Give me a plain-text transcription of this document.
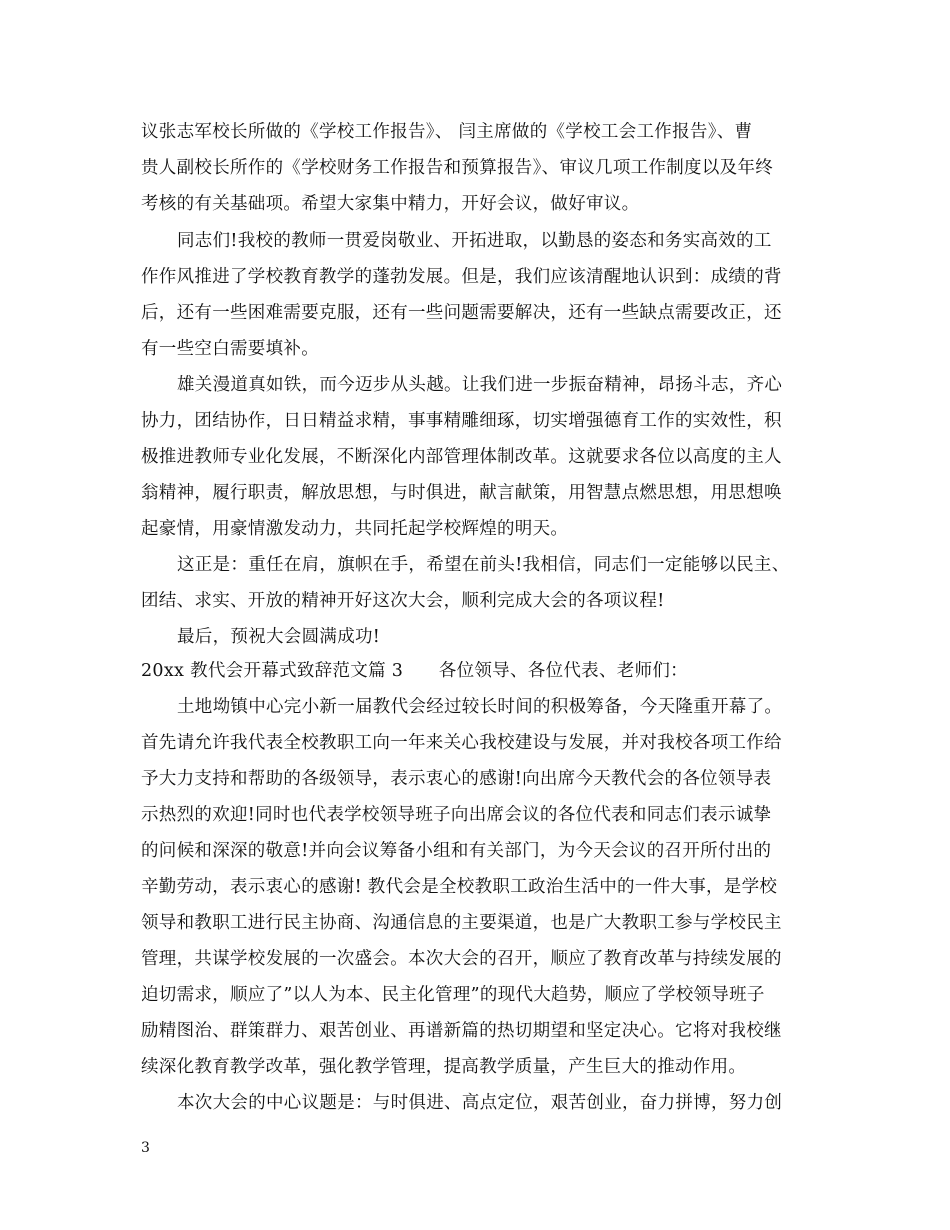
议张志军校长所做的《学校工作报告》、 闫主席做的《学校工会工作报告》、曹
贵人副校长所作的《学校财务工作报告和预算报告》、审议几项工作制度以及年终
考核的有关基础项。希望大家集中精力，开好会议，做好审议。
同志们!我校的教师一贯爱岗敬业、开拓进取，以勤恳的姿态和务实高效的工
作作风推进了学校教育教学的蓬勃发展。但是，我们应该清醒地认识到：成绩的背
后，还有一些困难需要克服，还有一些问题需要解决，还有一些缺点需要改正，还
有一些空白需要填补。
雄关漫道真如铁，而今迈步从头越。让我们进一步振奋精神，昂扬斗志，齐心
协力，团结协作，日日精益求精，事事精雕细琢，切实增强德育工作的实效性，积
极推进教师专业化发展，不断深化内部管理体制改革。这就要求各位以高度的主人
翁精神，履行职责，解放思想，与时俱进，献言献策，用智慧点燃思想，用思想唤
起豪情，用豪情激发动力，共同托起学校辉煌的明天。
这正是：重任在肩，旗帜在手，希望在前头!我相信，同志们一定能够以民主、
团结、求实、开放的精神开好这次大会，顺利完成大会的各项议程!
最后，预祝大会圆满成功!
20xx 教代会开幕式致辞范文篇 3　　各位领导、各位代表、老师们：
土地坳镇中心完小新一届教代会经过较长时间的积极筹备，今天隆重开幕了。
首先请允许我代表全校教职工向一年来关心我校建设与发展，并对我校各项工作给
予大力支持和帮助的各级领导，表示衷心的感谢!向出席今天教代会的各位领导表
示热烈的欢迎!同时也代表学校领导班子向出席会议的各位代表和同志们表示诚挚
的问候和深深的敬意!并向会议筹备小组和有关部门，为今天会议的召开所付出的
辛勤劳动，表示衷心的感谢! 教代会是全校教职工政治生活中的一件大事，是学校
领导和教职工进行民主协商、沟通信息的主要渠道，也是广大教职工参与学校民主
管理，共谋学校发展的一次盛会。本次大会的召开，顺应了教育改革与持续发展的
迫切需求，顺应了”以人为本、民主化管理”的现代大趋势，顺应了学校领导班子
励精图治、群策群力、艰苦创业、再谱新篇的热切期望和坚定决心。它将对我校继
续深化教育教学改革，强化教学管理，提高教学质量，产生巨大的推动作用。
本次大会的中心议题是：与时俱进、高点定位，艰苦创业，奋力拼博，努力创
3
